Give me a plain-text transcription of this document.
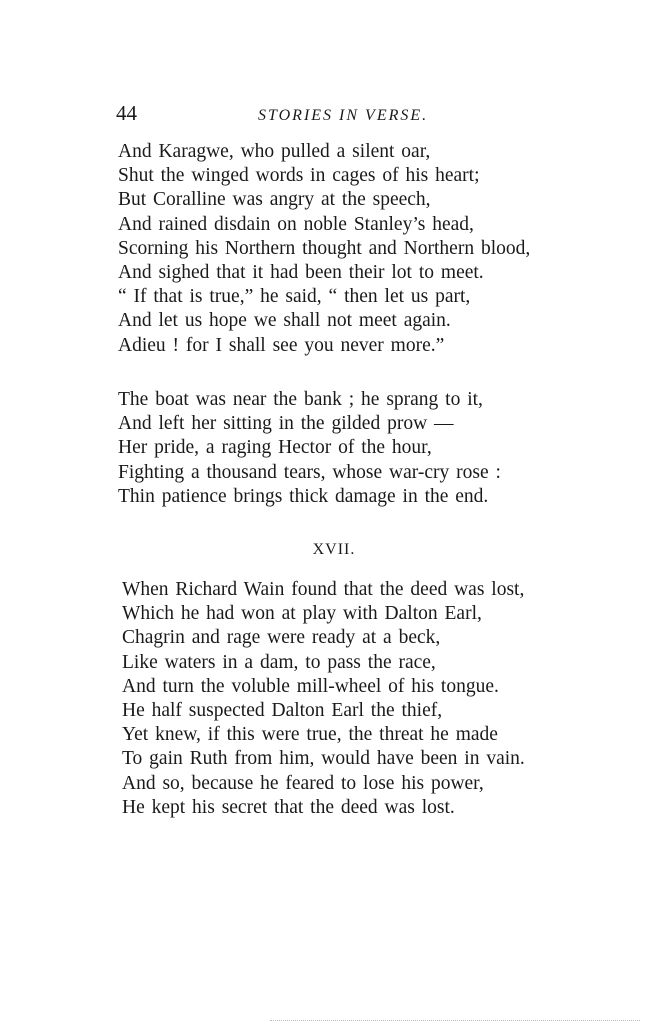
44	STORIES IN VERSE.
And Karagwe, who pulled a silent oar,
Shut the winged words in cages of his heart;
But Coralline was angry at the speech,
And rained disdain on noble Stanley’s head,
Scorning his Northern thought and Northern blood,
And sighed that it had been their lot to meet.
“ If that is true,” he said, “ then let us part,
And let us hope we shall not meet again.
Adieu ! for I shall see you never more.”
The boat was near the bank ; he sprang to it,
And left her sitting in the gilded prow —
Her pride, a raging Hector of the hour,
Fighting a thousand tears, whose war-cry rose :
Thin patience brings thick damage in the end.
XVII.
When Richard Wain found that the deed was lost,
Which he had won at play with Dalton Earl,
Chagrin and rage were ready at a beck,
Like waters in a dam, to pass the race,
And turn the voluble mill-wheel of his tongue.
He half suspected Dalton Earl the thief,
Yet knew, if this were true, the threat he made
To gain Ruth from him, would have been in vain.
And so, because he feared to lose his power,
He kept his secret that the deed was lost.
